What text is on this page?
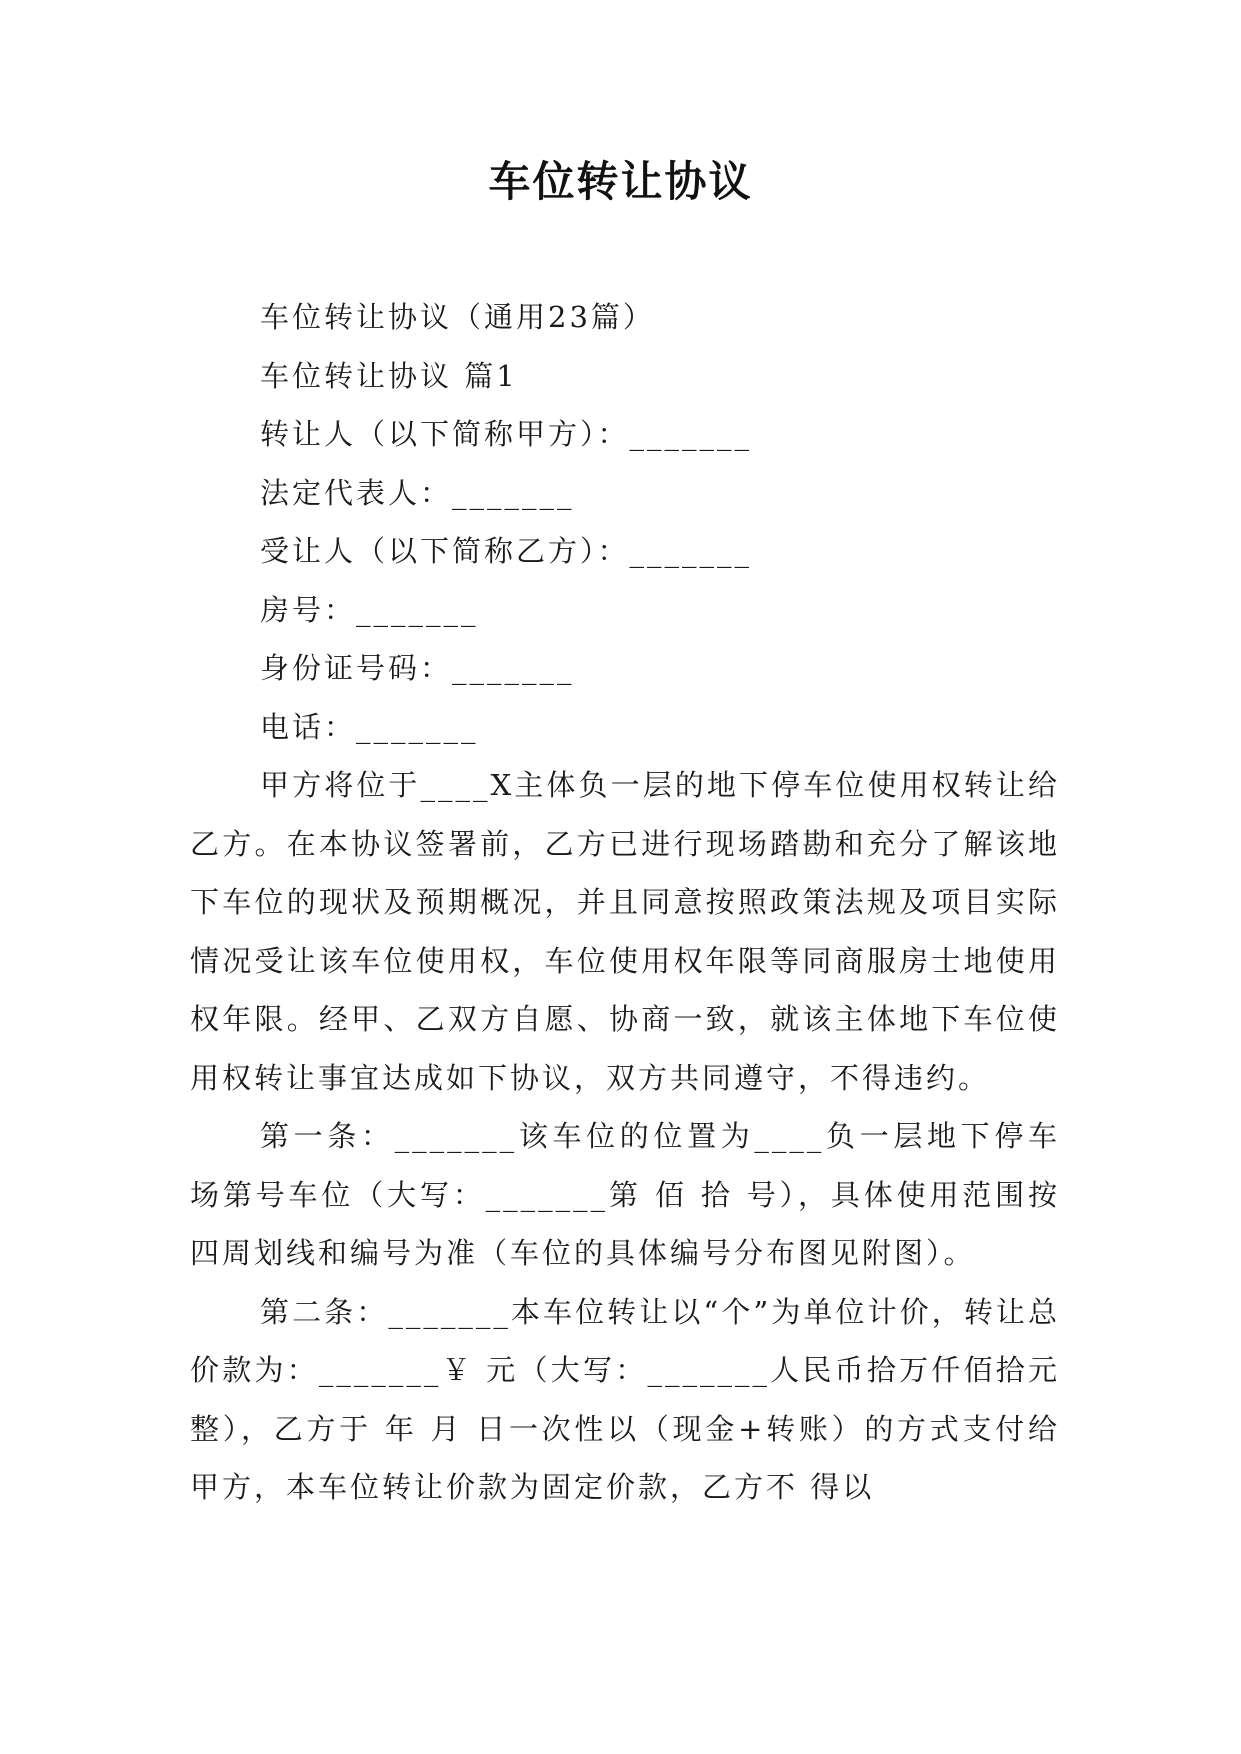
车位转让协议

车位转让协议（通用23篇）

车位转让协议 篇1

转让人（以下简称甲方）：_______

法定代表人：_______

受让人（以下简称乙方）：_______

房号：_______

身份证号码：_______

电话：_______

甲方将位于____X主体负一层的地下停车位使用权转让给乙方。在本协议签署前，乙方已进行现场踏勘和充分了解该地下车位的现状及预期概况，并且同意按照政策法规及项目实际情况受让该车位使用权，车位使用权年限等同商服房士地使用权年限。经甲、乙双方自愿、协商一致，就该主体地下车位使用权转让事宜达成如下协议，双方共同遵守，不得违约。

第一条：_______该车位的位置为____负一层地下停车场第号车位（大写：_______第 佰 拾 号），具体使用范围按四周划线和编号为准（车位的具体编号分布图见附图）。

第二条：_______本车位转让以“个”为单位计价，转让总价款为：_______￥ 元（大写：_______人民币拾万仟佰拾元整），乙方于 年 月 日一次性以（现金+转账）的方式支付给甲方，本车位转让价款为固定价款，乙方不 得以
